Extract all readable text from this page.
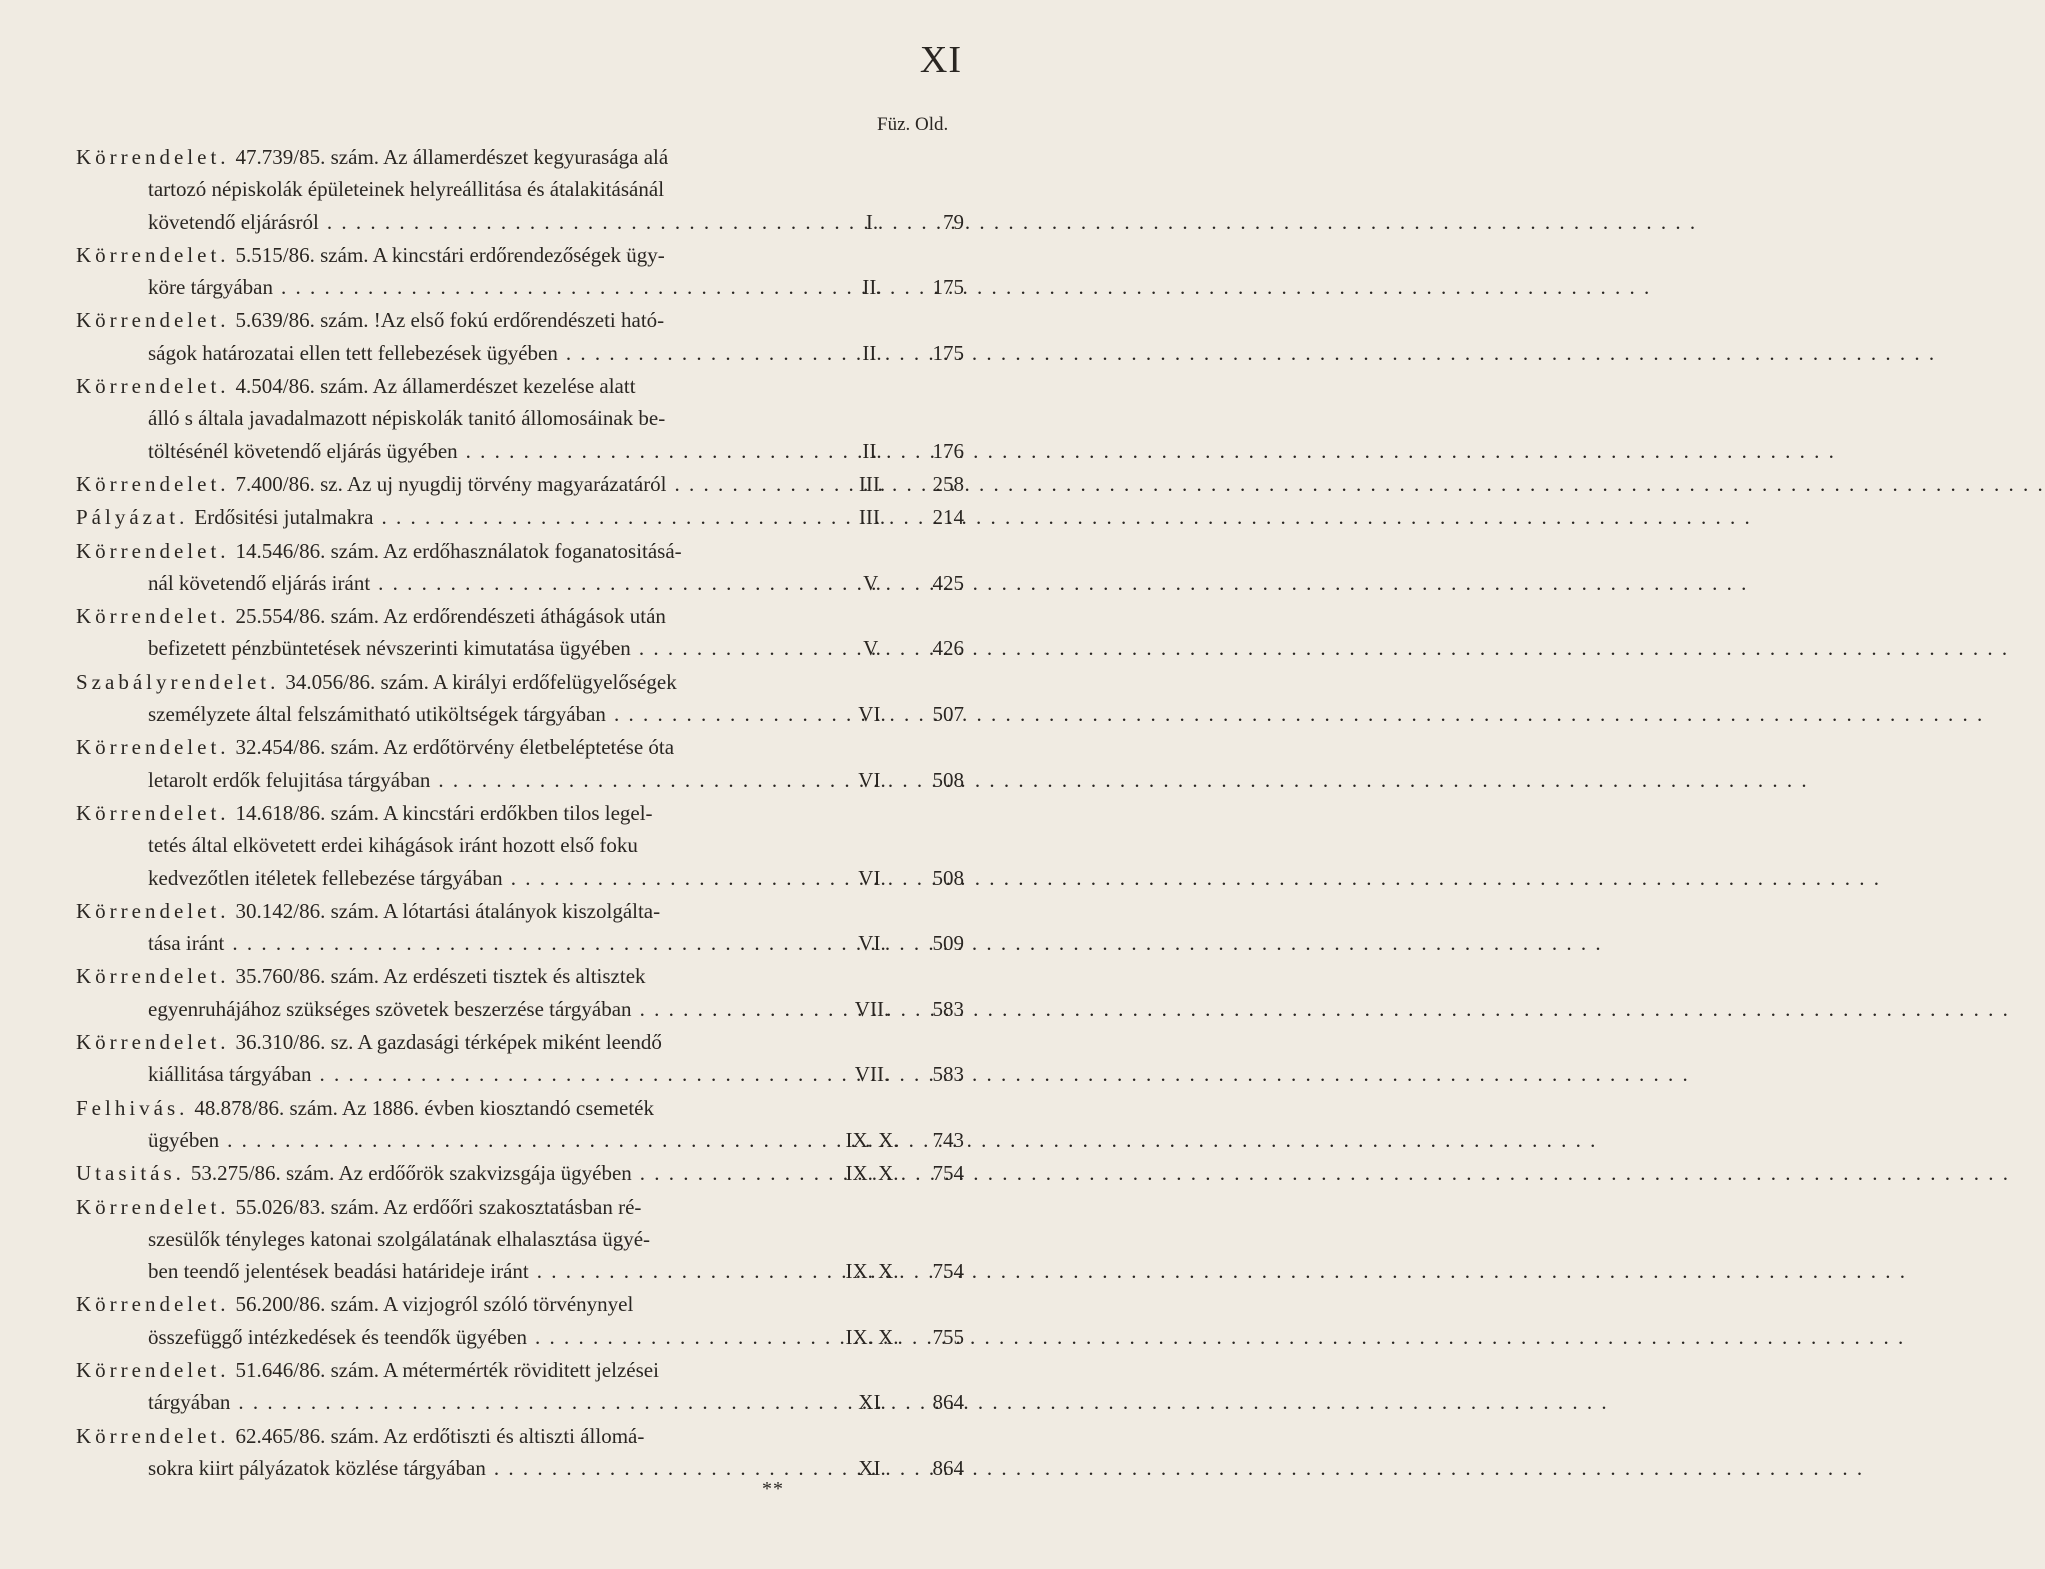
XI
Füz. Old.
Körrendelet. 47.739/85. szám. Az államerdészet kegyurasága alá
tartozó népiskolák épületeinek helyreállitása és átalakitásánál
követendő eljárásról . . .	I.	79
Körrendelet. 5.515/86. szám. A kincstári erdőrendezőségek ügy-
köre tárgyában . . .	II.	175
Körrendelet. 5.639/86. szám. !Az első fokú erdőrendészeti ható-
ságok határozatai ellen tett fellebezések ügyében . . .	II.	175
Körrendelet. 4.504/86. szám. Az államerdészet kezelése alatt
álló s általa javadalmazott népiskolák tanitó állomosáinak be-
töltésénél követendő eljárás ügyében . . .	II.	176
Körrendelet. 7.400/86. sz. Az uj nyugdij törvény magyarázatáról . . .	III.	258
Pályázat. Erdősitési jutalmakra . . .	III.	214
Körrendelet. 14.546/86. szám. Az erdőhasználatok foganatositásá-
nál követendő eljárás iránt . . .	V.	425
Körrendelet. 25.554/86. szám. Az erdőrendészeti áthágások után
befizetett pénzbüntetések névszerinti kimutatása ügyében . . .	V.	426
Szabályrendelet. 34.056/86. szám. A királyi erdőfelügyelőségek
személyzete által felszámitható utiköltségek tárgyában . . .	VI.	507
Körrendelet. 32.454/86. szám. Az erdőtörvény életbeléptetése óta
letarolt erdők felujitása tárgyában . . .	VI.	508
Körrendelet. 14.618/86. szám. A kincstári erdőkben tilos legel-
tetés által elkövetett erdei kihágások iránt hozott első foku
kedvezőtlen itéletek fellebezése tárgyában . . .	VI.	508
Körrendelet. 30.142/86. szám. A lótartási átalányok kiszolgálta-
tása iránt . . .	VI.	509
Körrendelet. 35.760/86. szám. Az erdészeti tisztek és altisztek
egyenruhájához szükséges szövetek beszerzése tárgyában . . .	VII.	583
Körrendelet. 36.310/86. sz. A gazdasági térképek miként leendő
kiállitása tárgyában . . .	VII.	583
Felhivás. 48.878/86. szám. Az 1886. évben kiosztandó csemeték
ügyében . . .	IX. X.	743
Utasitás. 53.275/86. szám. Az erdőőrök szakvizsgája ügyében . . .	IX. X.	754
Körrendelet. 55.026/83. szám. Az erdőőri szakosztatásban ré-
szesülők tényleges katonai szolgálatának elhalasztása ügyé-
ben teendő jelentések beadási határideje iránt . . .	IX. X.	754
Körrendelet. 56.200/86. szám. A vizjogról szóló törvénynyel
összefüggő intézkedések és teendők ügyében . . .	IX. X.	755
Körrendelet. 51.646/86. szám. A métermérték röviditett jelzései
tárgyában . . .	XI.	864
Körrendelet. 62.465/86. szám. Az erdőtiszti és altiszti állomá-
sokra kiirt pályázatok közlése tárgyában . . .	XI.	864
**
